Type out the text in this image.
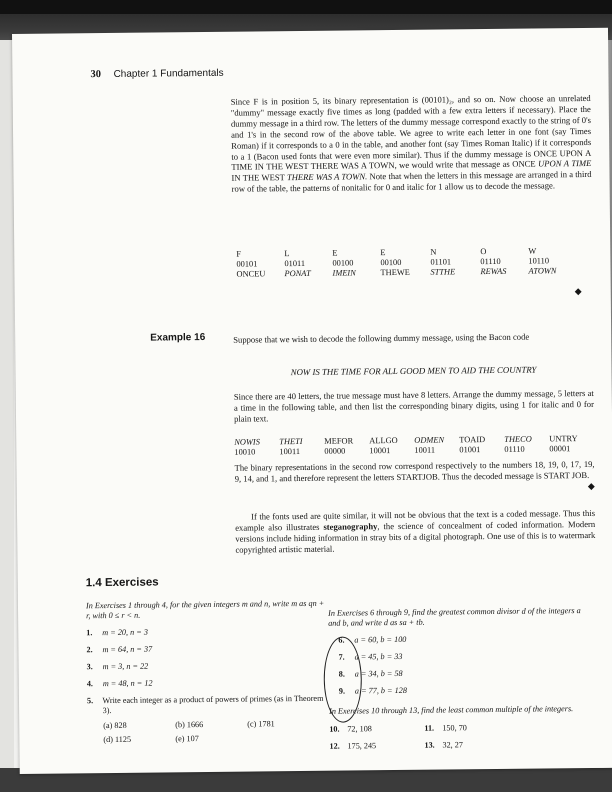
30 Chapter 1 Fundamentals
Since F is in position 5, its binary representation is (00101)₂, and so on. Now choose an unrelated "dummy" message exactly five times as long (padded with a few extra letters if necessary). Place the dummy message in a third row. The letters of the dummy message correspond exactly to the string of 0's and 1's in the second row of the above table. We agree to write each letter in one font (say Times Roman) if it corresponds to a 0 in the table, and another font (say Times Roman Italic) if it corresponds to a 1 (Bacon used fonts that were even more similar). Thus if the dummy message is ONCE UPON A TIME IN THE WEST THERE WAS A TOWN, we would write that message as ONCE UPON A TIME IN THE WEST THERE WAS A TOWN. Note that when the letters in this message are arranged in a third row of the table, the patterns of nonitalic for 0 and italic for 1 allow us to decode the message.
F	L	E	E	N	O	W
00101	01011	00100	00100	01101	01110	10110
ONCEU	PONAT	IMEIN	THEWE	STTHE	REWAS	ATOWN
◆
Example 16	Suppose that we wish to decode the following dummy message, using the Bacon code
NOW IS THE TIME FOR ALL GOOD MEN TO AID THE COUNTRY
Since there are 40 letters, the true message must have 8 letters. Arrange the dummy message, 5 letters at a time in the following table, and then list the corresponding binary digits, using 1 for italic and 0 for plain text.
NOWIS	THETI	MEFOR	ALLGO	ODMEN	TOAID	THECO	UNTRY
10010	10011	00000	10001	10011	01001	01110	00001
The binary representations in the second row correspond respectively to the numbers 18, 19, 0, 17, 19, 9, 14, and 1, and therefore represent the letters STARTJOB. Thus the decoded message is START JOB.
◆
If the fonts used are quite similar, it will not be obvious that the text is a coded message. Thus this example also illustrates steganography, the science of concealment of coded information. Modern versions include hiding information in stray bits of a digital photograph. One use of this is to watermark copyrighted artistic material.
1.4 Exercises
In Exercises 1 through 4, for the given integers m and n, write m as qn + r, with 0 ≤ r < n.
1. m = 20, n = 3
2. m = 64, n = 37
3. m = 3, n = 22
4. m = 48, n = 12
5.	Write each integer as a product of powers of primes (as in Theorem 3).
(a) 828	(b) 1666	(c) 1781
(d) 1125	(e) 107
In Exercises 6 through 9, find the greatest common divisor d of the integers a and b, and write d as sa + tb.
6. a = 60, b = 100
7. a = 45, b = 33
8. a = 34, b = 58
9. a = 77, b = 128
In Exercises 10 through 13, find the least common multiple of the integers.
10. 72, 108	11. 150, 70
12. 175, 245	13. 32, 27
